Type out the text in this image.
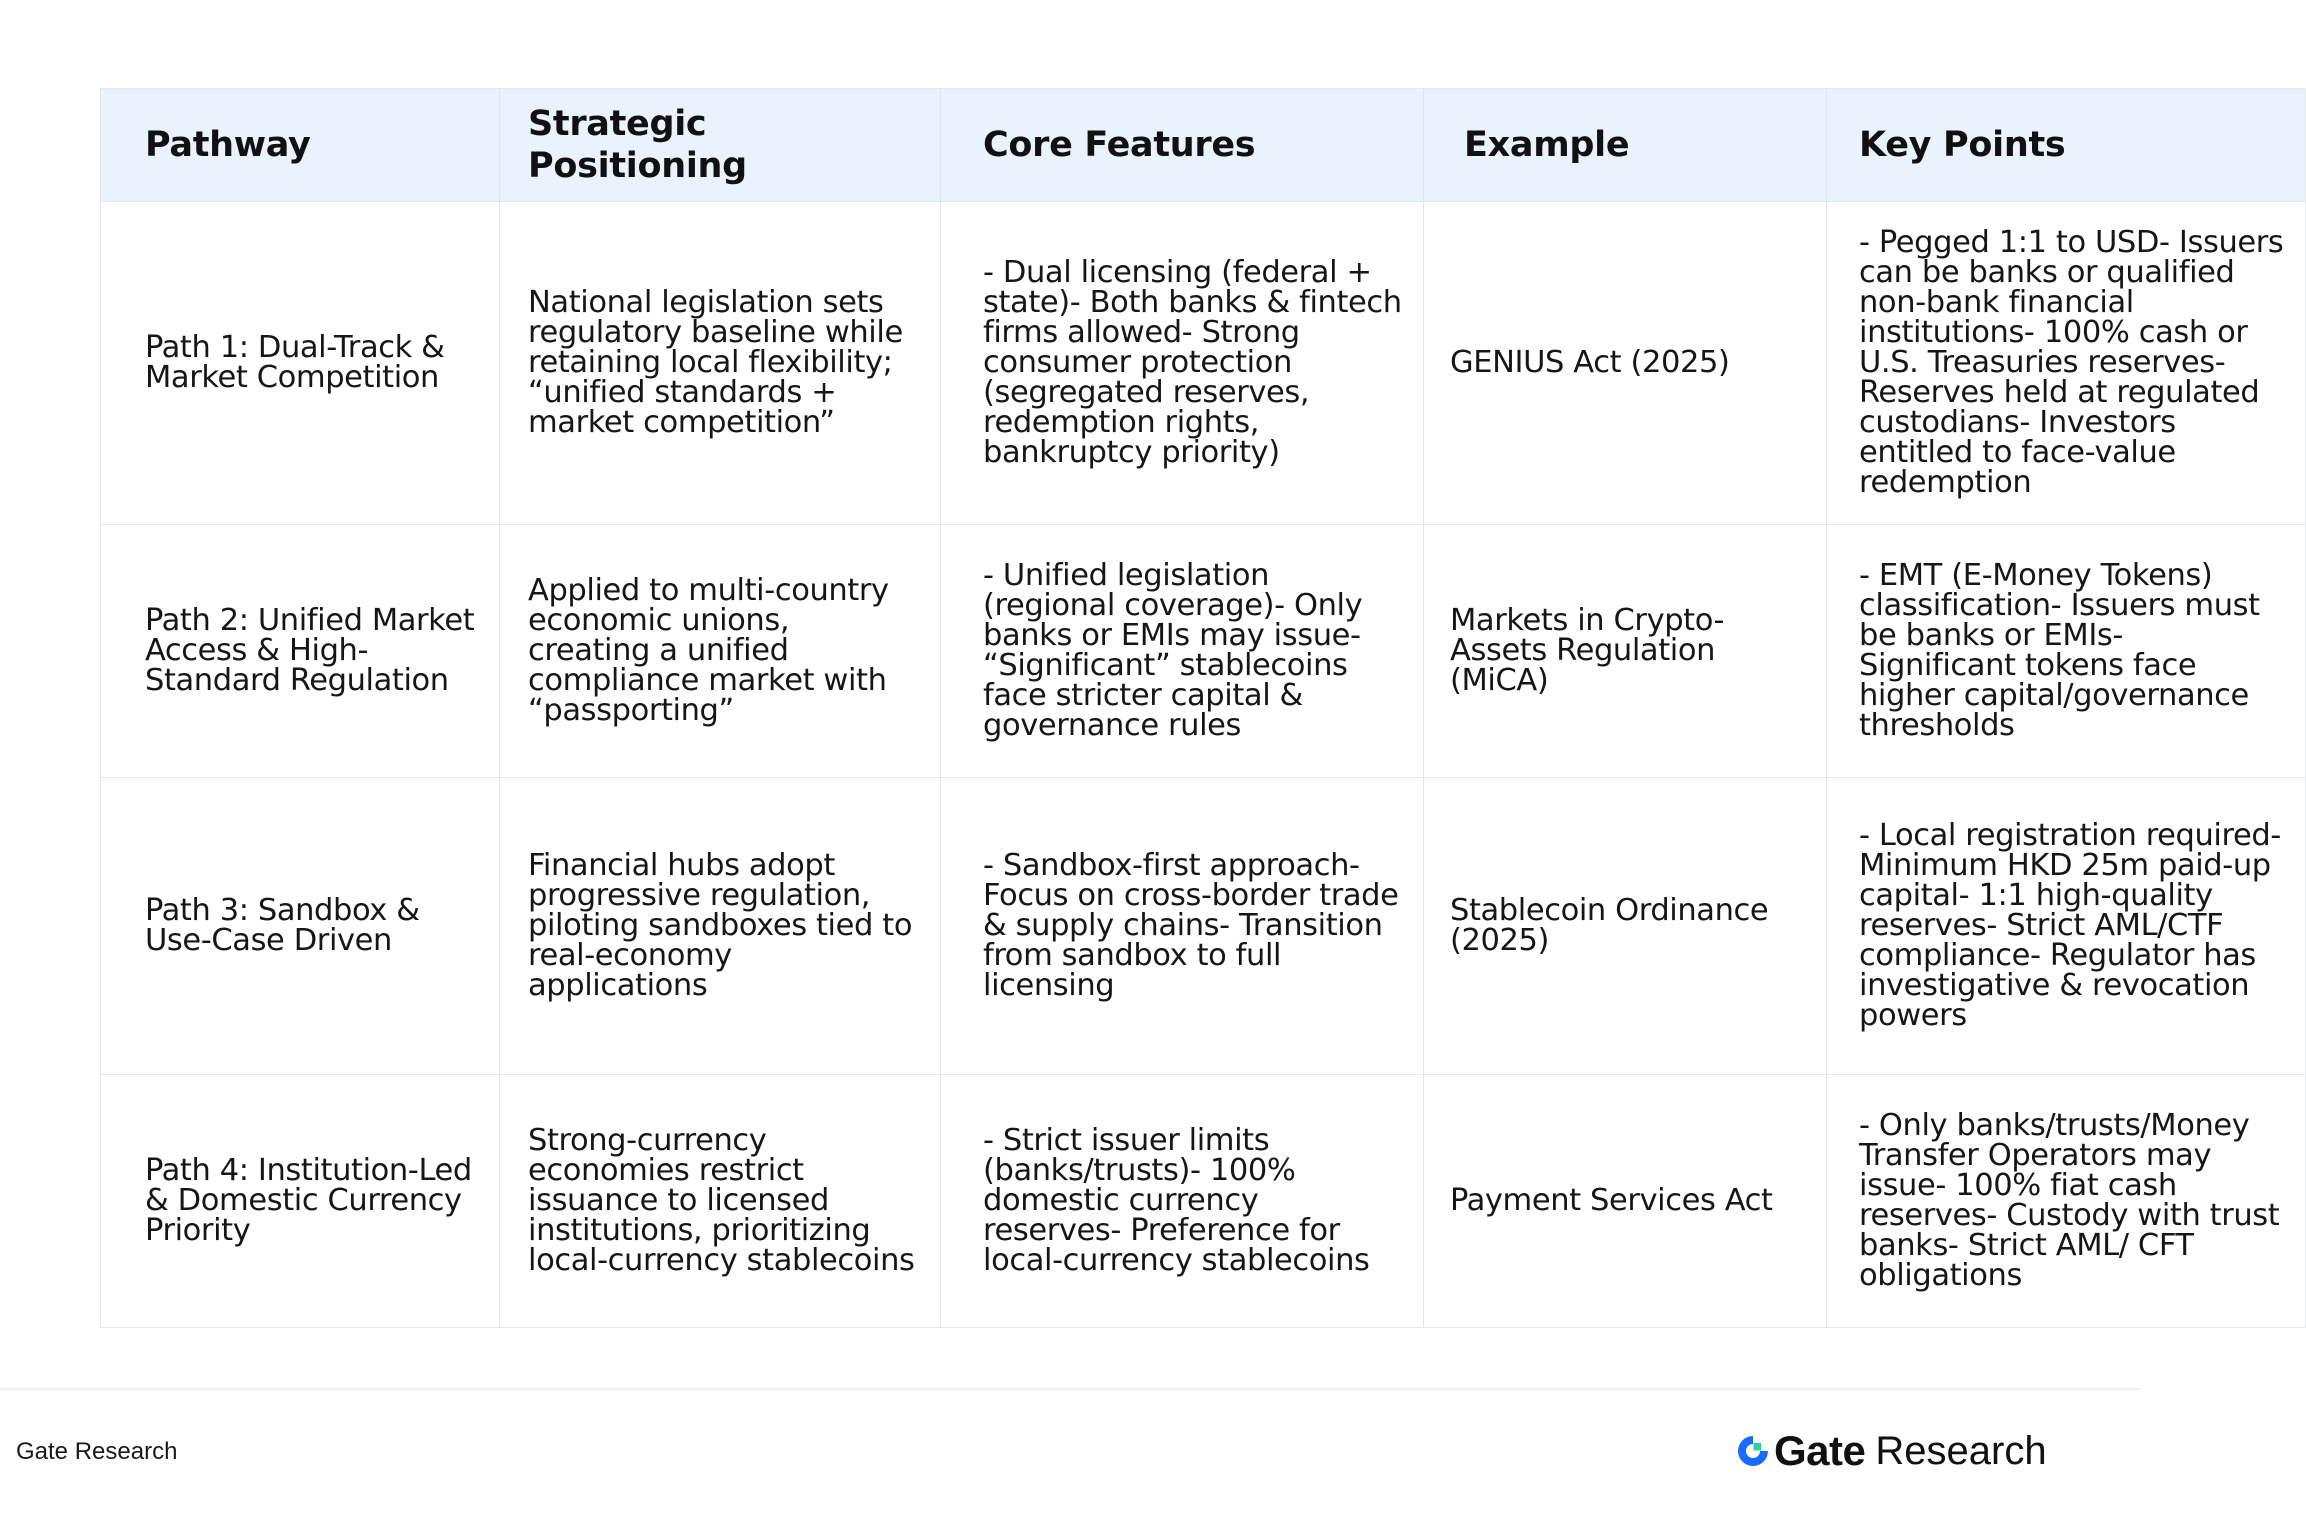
Pathway	Strategic Positioning	Core Features	Example	Key Points
Path 1: Dual-Track & Market Competition	National legislation sets regulatory baseline while retaining local flexibility; “unified standards + market competition”	- Dual licensing (federal + state)- Both banks & fintech firms allowed- Strong consumer protection (segregated reserves, redemption rights, bankruptcy priority)	GENIUS Act (2025)	- Pegged 1:1 to USD- Issuers can be banks or qualified non-bank financial institutions- 100% cash or U.S. Treasuries reserves- Reserves held at regulated custodians- Investors entitled to face-value redemption
Path 2: Unified Market Access & High-Standard Regulation	Applied to multi-country economic unions, creating a unified compliance market with “passporting”	- Unified legislation (regional coverage)- Only banks or EMIs may issue- “Significant” stablecoins face stricter capital & governance rules	Markets in Crypto-Assets Regulation (MiCA)	- EMT (E-Money Tokens) classification- Issuers must be banks or EMIs- Significant tokens face higher capital/governance thresholds
Path 3: Sandbox & Use-Case Driven	Financial hubs adopt progressive regulation, piloting sandboxes tied to real-economy applications	- Sandbox-first approach- Focus on cross-border trade & supply chains- Transition from sandbox to full licensing	Stablecoin Ordinance (2025)	- Local registration required- Minimum HKD 25m paid-up capital- 1:1 high-quality reserves- Strict AML/CTF compliance- Regulator has investigative & revocation powers
Path 4: Institution-Led & Domestic Currency Priority	Strong-currency economies restrict issuance to licensed institutions, prioritizing local-currency stablecoins	- Strict issuer limits (banks/trusts)- 100% domestic currency reserves- Preference for local-currency stablecoins	Payment Services Act	- Only banks/trusts/Money Transfer Operators may issue- 100% fiat cash reserves- Custody with trust banks- Strict AML/ CFT obligations
Gate Research	Gate Research
